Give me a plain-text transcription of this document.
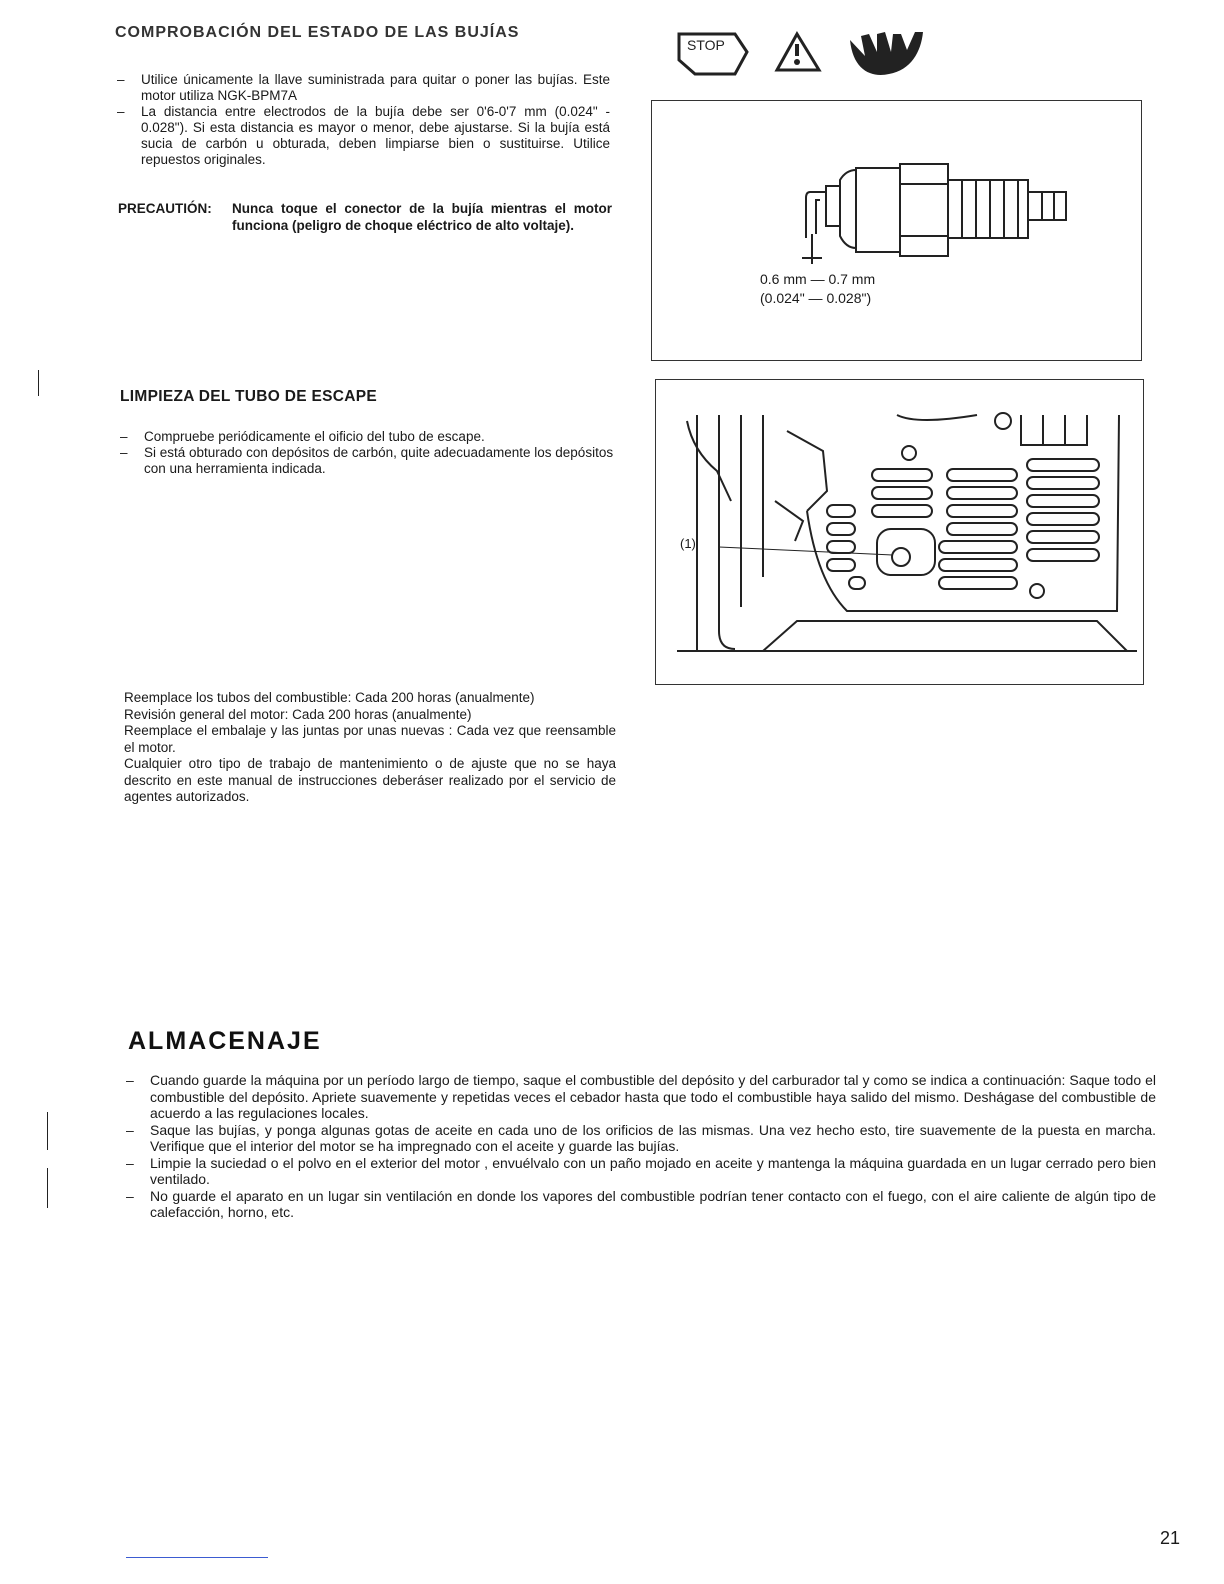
COMPROBACIÓN DEL ESTADO DE LAS BUJÍAS
STOP
– Utilice únicamente la llave suministrada para quitar o poner las bujías. Este motor utiliza NGK-BPM7A
– La distancia entre electrodos de la bujía debe ser 0'6-0'7 mm (0.024" - 0.028"). Si esta distancia es mayor o menor, debe ajustarse. Si la bujía está sucia de carbón u obturada, deben limpiarse bien o sustituirse. Utilice repuestos originales.
PRECAUTIÓN:	Nunca toque el conector de la bujía mientras el motor funciona (peligro de choque eléctrico de alto voltaje).
0.6 mm — 0.7 mm
(0.024" — 0.028")
LIMPIEZA DEL TUBO DE ESCAPE
– Compruebe periódicamente el oificio del tubo de escape.
– Si está obturado con depósitos de carbón, quite adecuadamente los depósitos con una herramienta indicada.
(1)

Reemplace los tubos del combustible: Cada 200 horas (anualmente)

Revisión general del motor: Cada 200 horas (anualmente)

Reemplace el embalaje y las juntas por unas nuevas : Cada vez que reensamble el motor.

Cualquier otro tipo de trabajo de mantenimiento o de ajuste que no se haya descrito en este manual de instrucciones deberáser realizado por el servicio de agentes autorizados.

ALMACENAJE
– Cuando guarde la máquina por un período largo de tiempo, saque el combustible del depósito y del carburador tal y como se indica a continuación: Saque todo el combustible del depósito. Apriete suavemente y repetidas veces el cebador hasta que todo el combustible haya salido del mismo. Deshágase del combustible de acuerdo a las regulaciones locales.
– Saque las bujías, y ponga algunas gotas de aceite en cada uno de los orificios de las mismas. Una vez hecho esto, tire suavemente de la puesta en marcha. Verifique que el interior del motor se ha impregnado con el aceite y guarde las bujías.
– Limpie la suciedad o el polvo en el exterior del motor , envuélvalo con un paño mojado en aceite y mantenga la máquina guardada en un lugar cerrado pero bien ventilado.
– No guarde el aparato en un lugar sin ventilación en donde los vapores del combustible podrían tener contacto con el fuego, con el aire caliente de algún tipo de calefacción, horno, etc.
21
